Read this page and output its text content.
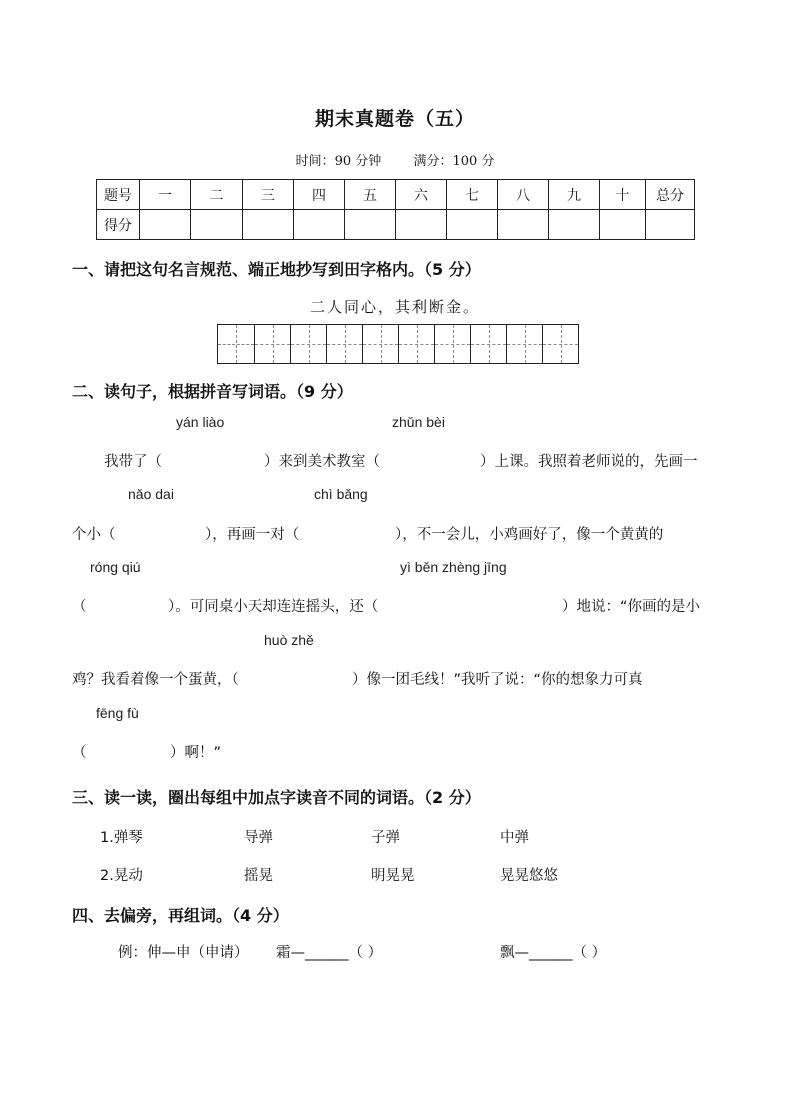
期末真题卷（五）
时间：90 分钟 满分：100 分
题号	一	二	三	四	五	六	七	八	九	十	总分
得分											
一、请把这句名言规范、端正地抄写到田字格内。（5 分）
二人同心，其利断金。
二、读句子，根据拼音写词语。（9 分）
yán liào	zhǔn bèi
我带了（	）来到美术教室（	）上课。我照着老师说的，先画一
nǎo dai	chì bǎng
个小（	），再画一对（	），不一会儿，小鸡画好了，像一个黄黄的
róng qiú	yì běn zhèng jīng
（	）。可同桌小天却连连摇头，还（	）地说：“你画的是小
huò zhě
鸡？我看着像一个蛋黄，（	）像一团毛线！”我听了说：“你的想象力可真
fēng fù
（	）啊！”
三、读一读，圈出每组中加点字读音不同的词语。（2 分）
1.弹琴	导弹	子弹	中弹
2.晃动	摇晃	明晃晃	晃晃悠悠
四、去偏旁，再组词。（4 分）
例：伸—申（申请） 霜—______（ ）	飘—______（ ）
